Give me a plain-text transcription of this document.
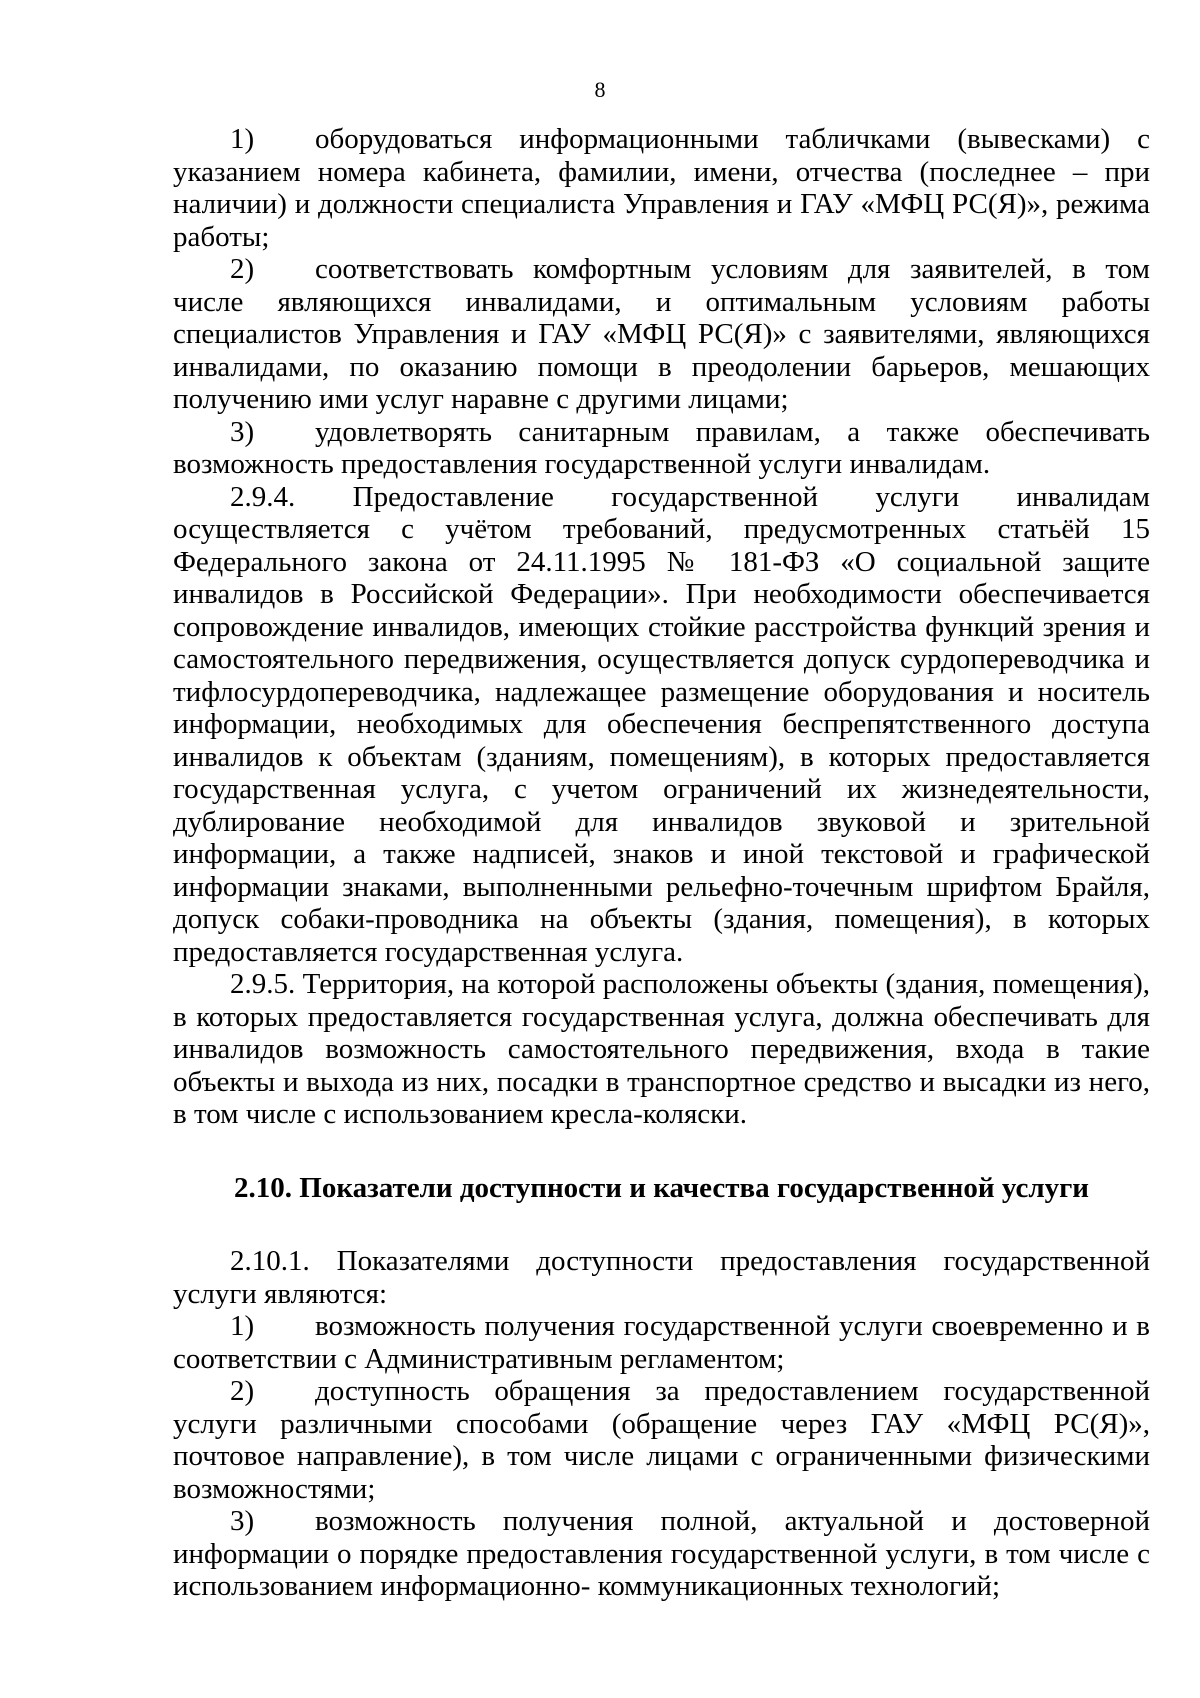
8

1) оборудоваться информационными табличками (вывесками) с указанием номера кабинета, фамилии, имени, отчества (последнее – при наличии) и должности специалиста Управления и ГАУ «МФЦ РС(Я)», режима работы;

2) соответствовать комфортным условиям для заявителей, в том числе являющихся инвалидами, и оптимальным условиям работы специалистов Управления и ГАУ «МФЦ РС(Я)» с заявителями, являющихся инвалидами, по оказанию помощи в преодолении барьеров, мешающих получению ими услуг наравне с другими лицами;

3) удовлетворять санитарным правилам, а также обеспечивать возможность предоставления государственной услуги инвалидам.

2.9.4. Предоставление государственной услуги инвалидам осуществляется с учётом требований, предусмотренных статьёй 15 Федерального закона от 24.11.1995 № 181-ФЗ «О социальной защите инвалидов в Российской Федерации». При необходимости обеспечивается сопровождение инвалидов, имеющих стойкие расстройства функций зрения и самостоятельного передвижения, осуществляется допуск сурдопереводчика и тифлосурдопереводчика, надлежащее размещение оборудования и носитель информации, необходимых для обеспечения беспрепятственного доступа инвалидов к объектам (зданиям, помещениям), в которых предоставляется государственная услуга, с учетом ограничений их жизнедеятельности, дублирование необходимой для инвалидов звуковой и зрительной информации, а также надписей, знаков и иной текстовой и графической информации знаками, выполненными рельефно-точечным шрифтом Брайля, допуск собаки-проводника на объекты (здания, помещения), в которых предоставляется государственная услуга.

2.9.5. Территория, на которой расположены объекты (здания, помещения), в которых предоставляется государственная услуга, должна обеспечивать для инвалидов возможность самостоятельного передвижения, входа в такие объекты и выхода из них, посадки в транспортное средство и высадки из него, в том числе с использованием кресла-коляски.

2.10. Показатели доступности и качества государственной услуги

2.10.1. Показателями доступности предоставления государственной услуги являются:

1) возможность получения государственной услуги своевременно и в соответствии с Административным регламентом;

2) доступность обращения за предоставлением государственной услуги различными способами (обращение через ГАУ «МФЦ РС(Я)», почтовое направление), в том числе лицами с ограниченными физическими возможностями;

3) возможность получения полной, актуальной и достоверной информации о порядке предоставления государственной услуги, в том числе с использованием информационно- коммуникационных технологий;
